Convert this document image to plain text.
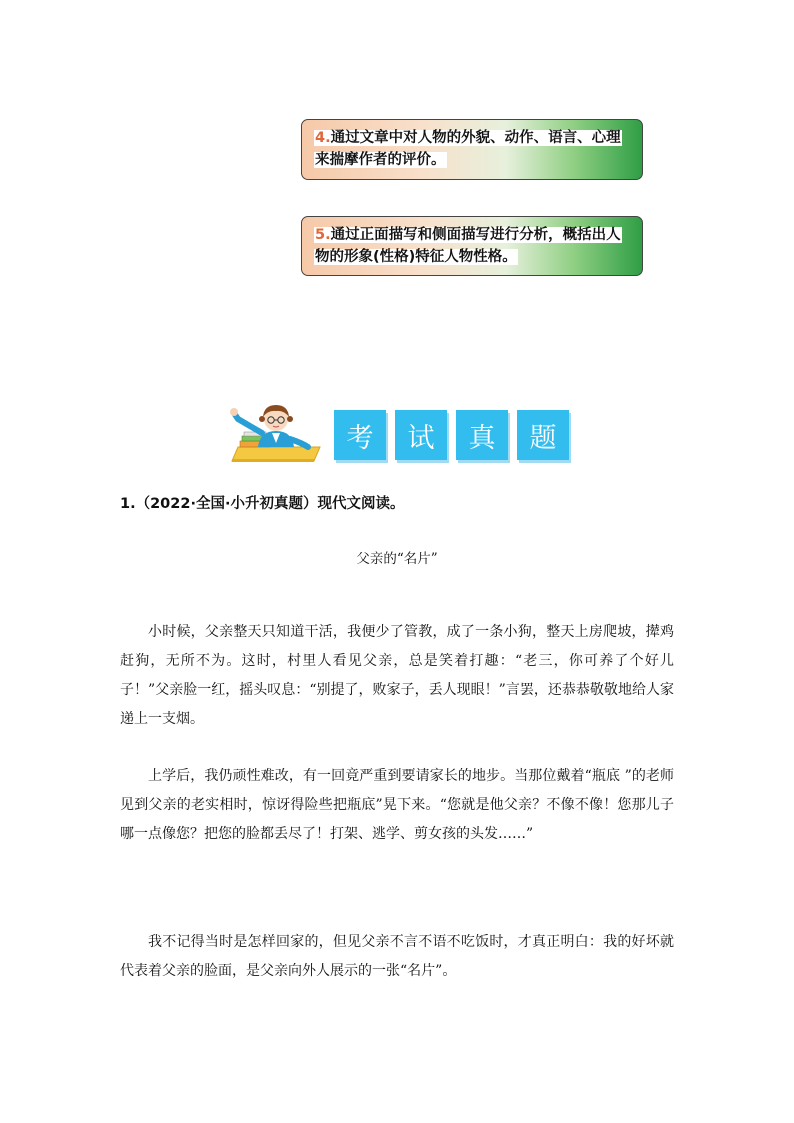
4.通过文章中对人物的外貌、动作、语言、心理来揣摩作者的评价。
5.通过正面描写和侧面描写进行分析，概括出人物的形象(性格)特征人物性格。
考	试	真	题
1.（2022·全国·小升初真题）现代文阅读。
父亲的“名片”

小时候，父亲整天只知道干活，我便少了管教，成了一条小狗，整天上房爬坡，撵鸡赶狗，无所不为。这时，村里人看见父亲，总是笑着打趣：“老三，你可养了个好儿子！”父亲脸一红，摇头叹息：“别提了，败家子，丢人现眼！”言罢，还恭恭敬敬地给人家递上一支烟。

上学后，我仍顽性难改，有一回竟严重到要请家长的地步。当那位戴着“瓶底 ”的老师见到父亲的老实相时，惊讶得险些把瓶底”晃下来。“您就是他父亲？不像不像！您那儿子哪一点像您？把您的脸都丢尽了！打架、逃学、剪女孩的头发……”

我不记得当时是怎样回家的，但见父亲不言不语不吃饭时，才真正明白：我的好坏就代表着父亲的脸面，是父亲向外人展示的一张“名片”。
